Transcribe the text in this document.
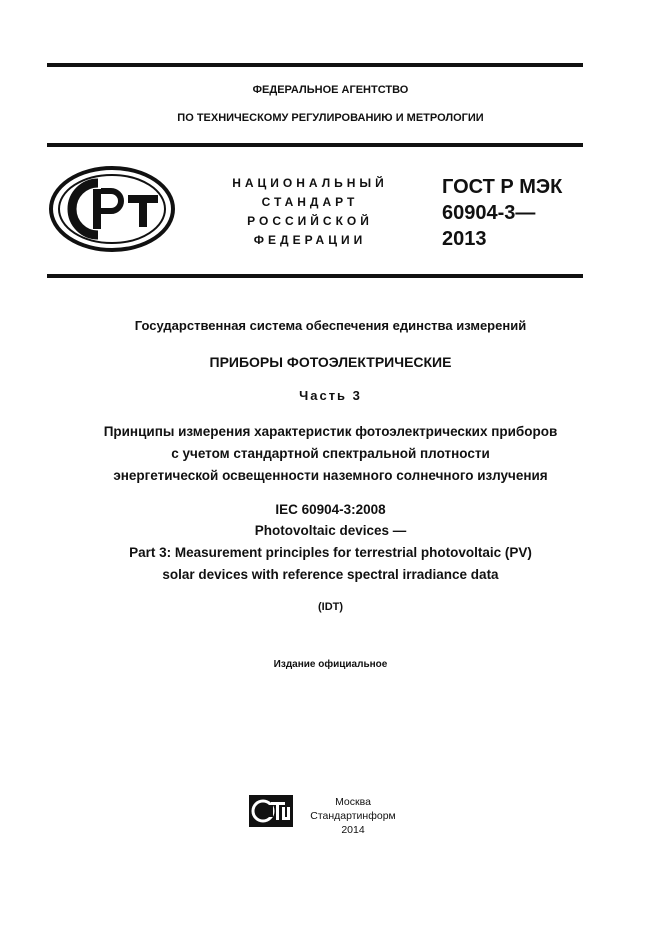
ФЕДЕРАЛЬНОЕ АГЕНТСТВО
ПО ТЕХНИЧЕСКОМУ РЕГУЛИРОВАНИЮ И МЕТРОЛОГИИ
НАЦИОНАЛЬНЫЙ
СТАНДАРТ
РОССИЙСКОЙ
ФЕДЕРАЦИИ
ГОСТ Р МЭК
60904-3—
2013
Государственная система обеспечения единства измерений
ПРИБОРЫ ФОТОЭЛЕКТРИЧЕСКИЕ
Часть 3
Принципы измерения характеристик фотоэлектрических приборов
с учетом стандартной спектральной плотности
энергетической освещенности наземного солнечного излучения
IEC 60904-3:2008
Photovoltaic devices —
Part 3: Measurement principles for terrestrial photovoltaic (PV)
solar devices with reference spectral irradiance data
(IDT)
Издание официальное
Москва
Стандартинформ
2014
